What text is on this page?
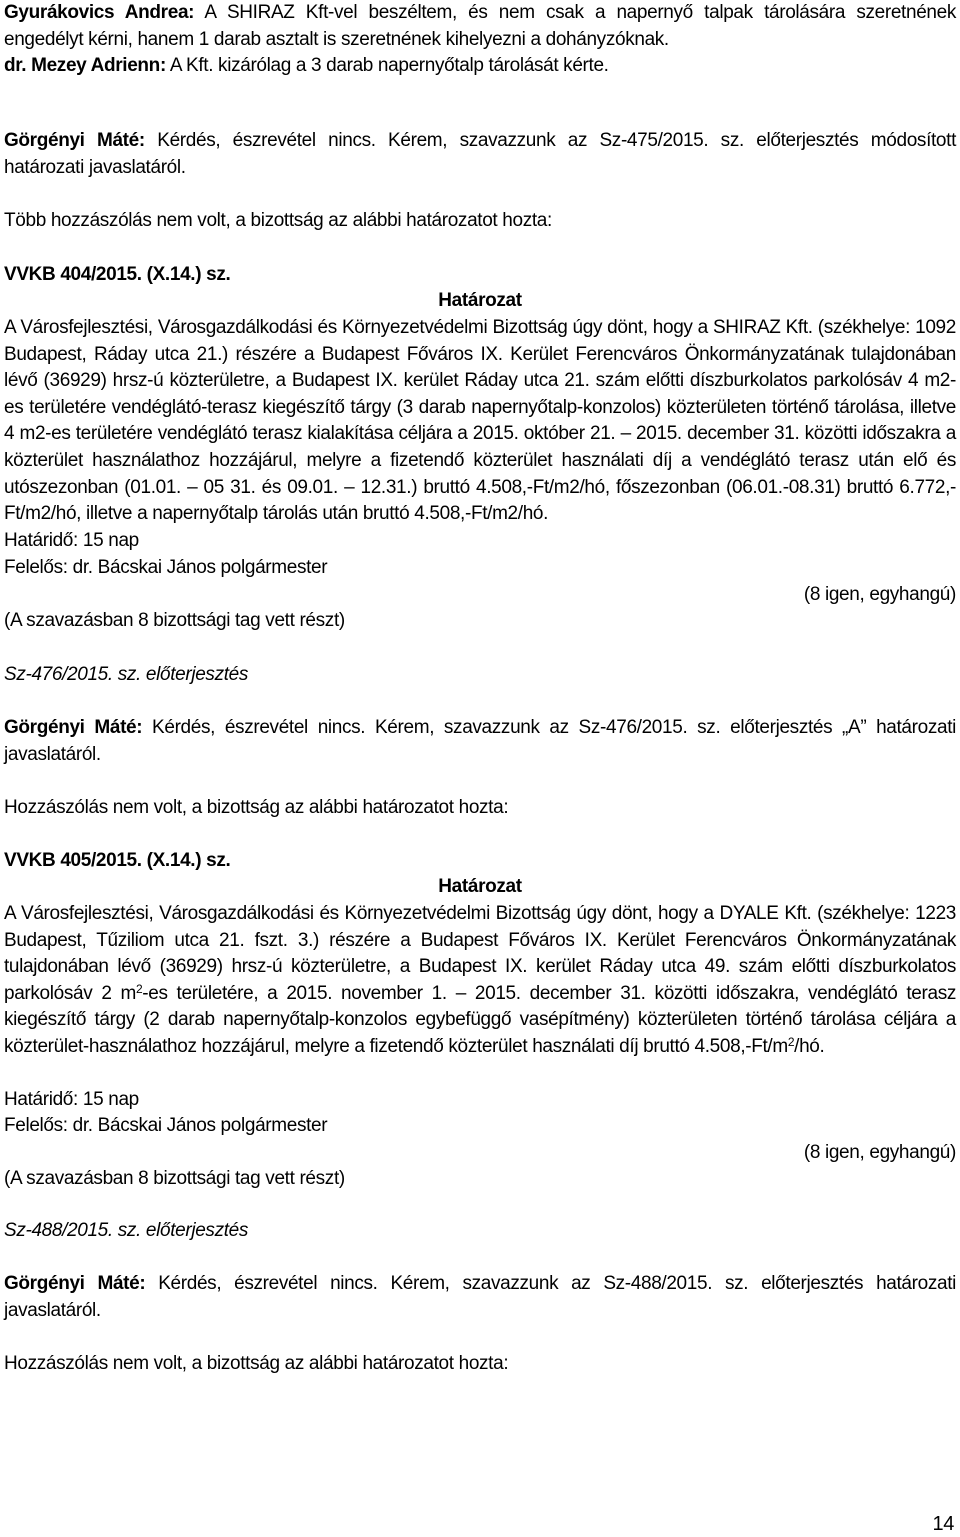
Gyurákovics Andrea: A SHIRAZ Kft-vel beszéltem, és nem csak a napernyő talpak tárolására szeretnének engedélyt kérni, hanem 1 darab asztalt is szeretnének kihelyezni a dohányzóknak.

dr. Mezey Adrienn: A Kft. kizárólag a 3 darab napernyőtalp tárolását kérte.

Görgényi Máté: Kérdés, észrevétel nincs. Kérem, szavazzunk az Sz-475/2015. sz. előterjesztés módosított határozati javaslatáról.

Több hozzászólás nem volt, a bizottság az alábbi határozatot hozta:

VVKB 404/2015. (X.14.) sz.

Határozat

A Városfejlesztési, Városgazdálkodási és Környezetvédelmi Bizottság úgy dönt, hogy a SHIRAZ Kft. (székhelye: 1092 Budapest, Ráday utca 21.) részére a Budapest Főváros IX. Kerület Ferencváros Önkormányzatának tulajdonában lévő (36929) hrsz-ú közterületre, a Budapest IX. kerület Ráday utca 21. szám előtti díszburkolatos parkolósáv 4 m2-es területére vendéglátó-terasz kiegészítő tárgy (3 darab napernyőtalp-konzolos) közterületen történő tárolása, illetve 4 m2-es területére vendéglátó terasz kialakítása céljára a 2015. október 21. – 2015. december 31. közötti időszakra a közterület használathoz hozzájárul, melyre a fizetendő közterület használati díj a vendéglátó terasz után elő és utószezonban (01.01. – 05 31. és 09.01. – 12.31.) bruttó 4.508,-Ft/m2/hó, főszezonban (06.01.-08.31) bruttó 6.772,-Ft/m2/hó, illetve a napernyőtalp tárolás után bruttó 4.508,-Ft/m2/hó.

Határidő: 15 nap

Felelős: dr. Bácskai János polgármester

(8 igen, egyhangú)

(A szavazásban 8 bizottsági tag vett részt)

Sz-476/2015. sz. előterjesztés

Görgényi Máté: Kérdés, észrevétel nincs. Kérem, szavazzunk az Sz-476/2015. sz. előterjesztés „A” határozati javaslatáról.

Hozzászólás nem volt, a bizottság az alábbi határozatot hozta:

VVKB 405/2015. (X.14.) sz.

Határozat

A Városfejlesztési, Városgazdálkodási és Környezetvédelmi Bizottság úgy dönt, hogy a DYALE Kft. (székhelye: 1223 Budapest, Tűziliom utca 21. fszt. 3.) részére a Budapest Főváros IX. Kerület Ferencváros Önkormányzatának tulajdonában lévő (36929) hrsz-ú közterületre, a Budapest IX. kerület Ráday utca 49. szám előtti díszburkolatos parkolósáv 2 $m^2-es$ területére, a 2015. november 1. – 2015. december 31. közötti időszakra, vendéglátó terasz kiegészítő tárgy (2 darab napernyőtalp-konzolos egybefüggő vasépítmény) közterületen történő tárolása céljára a közterület-használathoz hozzájárul, melyre a fizetendő közterület használati díj bruttó $4.508,-Ft/m^2/hó$.

Határidő: 15 nap

Felelős: dr. Bácskai János polgármester

(8 igen, egyhangú)

(A szavazásban 8 bizottsági tag vett részt)

Sz-488/2015. sz. előterjesztés

Görgényi Máté: Kérdés, észrevétel nincs. Kérem, szavazzunk az Sz-488/2015. sz. előterjesztés határozati javaslatáról.

Hozzászólás nem volt, a bizottság az alábbi határozatot hozta:

14
